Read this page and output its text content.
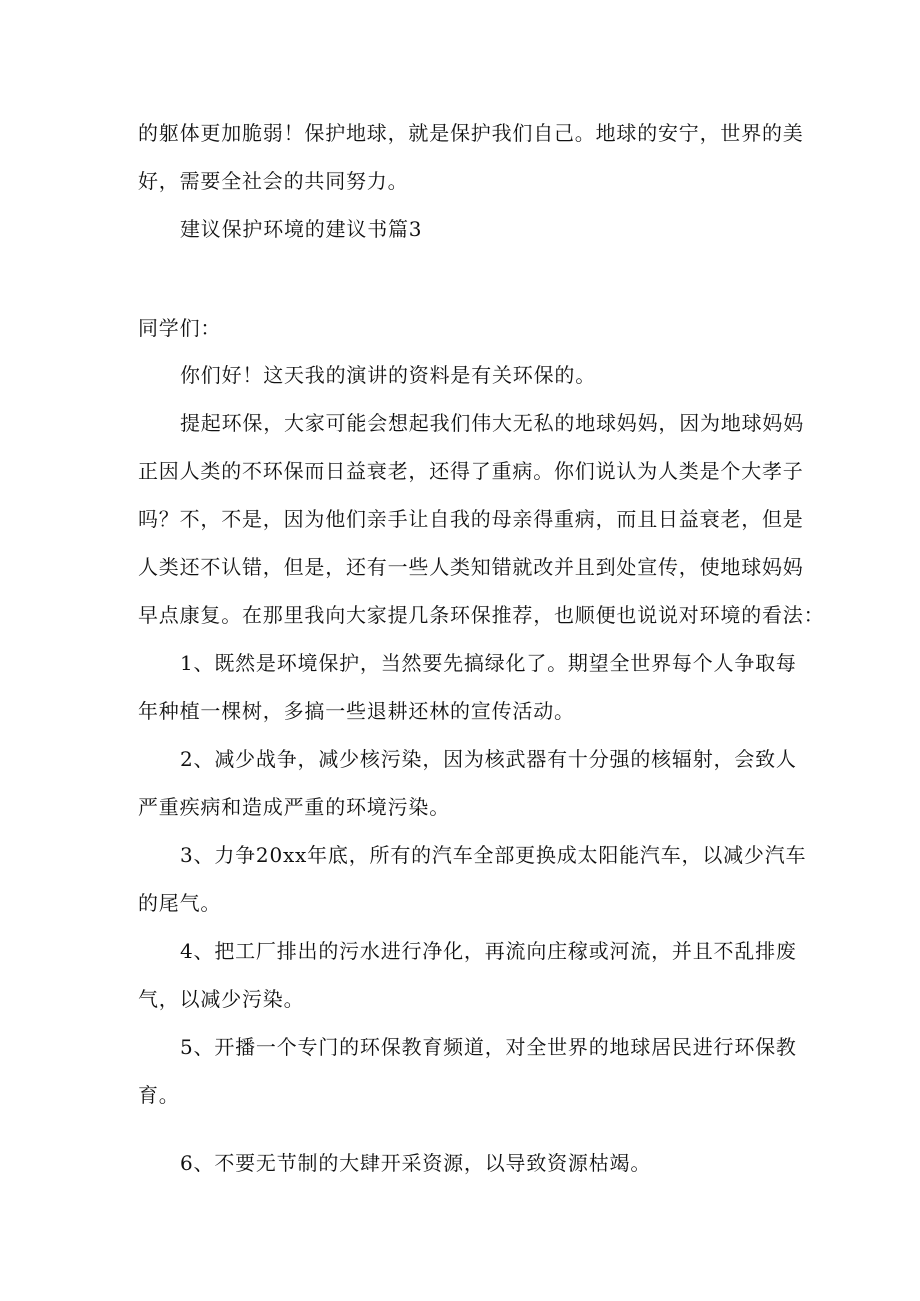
的躯体更加脆弱！保护地球，就是保护我们自己。地球的安宁，世界的美
好，需要全社会的共同努力。
建议保护环境的建议书篇3
同学们：
你们好！这天我的演讲的资料是有关环保的。
提起环保，大家可能会想起我们伟大无私的地球妈妈，因为地球妈妈
正因人类的不环保而日益衰老，还得了重病。你们说认为人类是个大孝子
吗？不，不是，因为他们亲手让自我的母亲得重病，而且日益衰老，但是
人类还不认错，但是，还有一些人类知错就改并且到处宣传，使地球妈妈
早点康复。在那里我向大家提几条环保推荐，也顺便也说说对环境的看法：
1、既然是环境保护，当然要先搞绿化了。期望全世界每个人争取每
年种植一棵树，多搞一些退耕还林的宣传活动。
2、减少战争，减少核污染，因为核武器有十分强的核辐射，会致人
严重疾病和造成严重的环境污染。
3、力争20xx年底，所有的汽车全部更换成太阳能汽车，以减少汽车
的尾气。
4、把工厂排出的污水进行净化，再流向庄稼或河流，并且不乱排废
气，以减少污染。
5、开播一个专门的环保教育频道，对全世界的地球居民进行环保教
育。
6、不要无节制的大肆开采资源，以导致资源枯竭。
